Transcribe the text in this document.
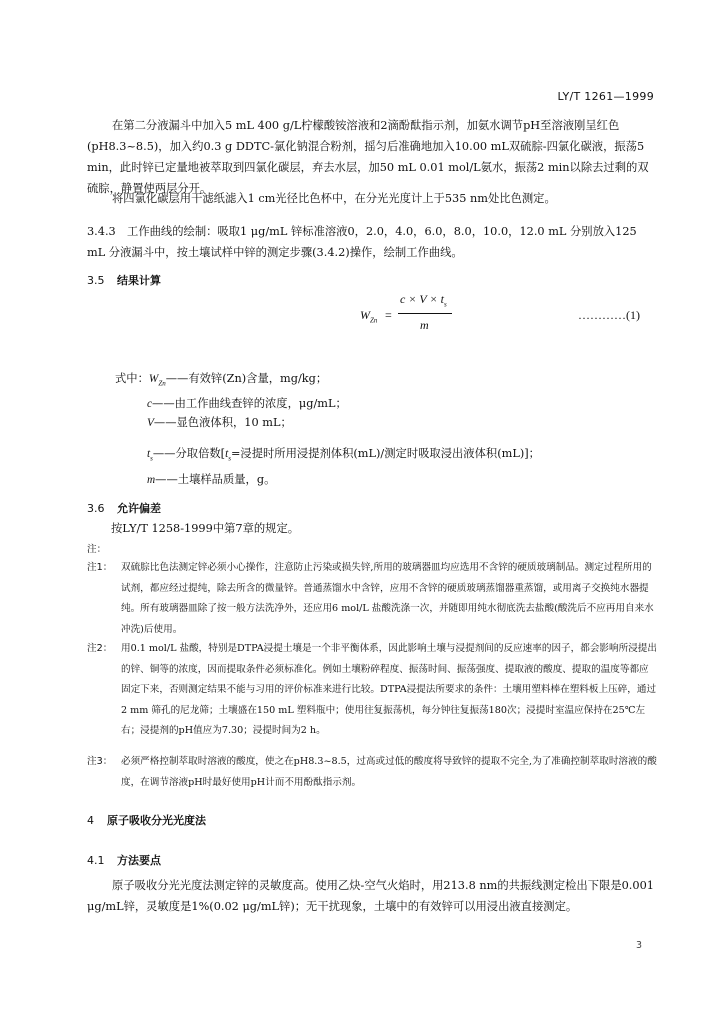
LY/T 1261—1999
在第二分液漏斗中加入5 mL 400 g/L柠檬酸铵溶液和2滴酚酞指示剂，加氨水调节pH至溶液刚呈红色(pH8.3~8.5)，加入约0.3 g DDTC-氯化钠混合粉剂，摇匀后准确地加入10.00 mL双硫腙-四氯化碳液，振荡5 min，此时锌已定量地被萃取到四氯化碳层，弃去水层，加50 mL 0.01 mol/L氨水，振荡2 min以除去过剩的双硫腙，静置使两层分开。
将四氯化碳层用干滤纸滤入1 cm光径比色杯中，在分光光度计上于535 nm处比色测定。
3.4.3　工作曲线的绘制：吸取1 μg/mL 锌标准溶液0，2.0，4.0，6.0，8.0，10.0，12.0 mL 分别放入125 mL 分液漏斗中，按土壤试样中锌的测定步骤(3.4.2)操作，绘制工作曲线。
3.5 结果计算
$W_{Zn}$ =
$c \times V \times t_s$
m
…………(1)
式中：$W_{Zn}——$有效锌(Zn)含量，mg/kg；
c——由工作曲线查锌的浓度，μg/mL；
V——显色液体积，10 mL；
$t_s——$分取倍数[$t_s=$浸提时所用浸提剂体积(mL)/测定时吸取浸出液体积(mL)]；
m——土壤样品质量，g。
3.6 允许偏差
按LY/T 1258-1999中第7章的规定。
注：
注1： 双硫腙比色法测定锌必须小心操作，注意防止污染或损失锌,所用的玻璃器皿均应选用不含锌的硬质玻璃制品。测定过程所用的试剂，都应经过提纯，除去所含的微量锌。普通蒸馏水中含锌，应用不含锌的硬质玻璃蒸馏器重蒸馏，或用离子交换纯水器提纯。所有玻璃器皿除了按一般方法洗净外，还应用6 mol/L 盐酸洗涤一次，并随即用纯水彻底洗去盐酸(酸洗后不应再用自来水冲洗)后使用。
注2： 用0.1 mol/L 盐酸，特别是DTPA浸提土壤是一个非平衡体系，因此影响土壤与浸提剂间的反应速率的因子，都会影响所浸提出的锌、铜等的浓度，因而提取条件必须标准化。例如土壤粉碎程度、振荡时间、振荡强度、提取液的酸度、提取的温度等都应固定下来，否则测定结果不能与习用的评价标准来进行比较。DTPA浸提法所要求的条件：土壤用塑料棒在塑料板上压碎，通过2 mm 筛孔的尼龙筛；土壤盛在150 mL 塑料瓶中；使用往复振荡机，每分钟往复振荡180次；浸提时室温应保持在25℃左右；浸提剂的pH值应为7.30；浸提时间为2 h。
注3： 必须严格控制萃取时溶液的酸度，使之在pH8.3~8.5，过高或过低的酸度将导致锌的提取不完全,为了准确控制萃取时溶液的酸度，在调节溶液pH时最好使用pH计而不用酚酞指示剂。
4 原子吸收分光光度法
4.1 方法要点
原子吸收分光光度法测定锌的灵敏度高。使用乙炔-空气火焰时，用213.8 nm的共振线测定检出下限是0.001 μg/mL锌，灵敏度是1%(0.02 μg/mL锌)；无干扰现象，土壤中的有效锌可以用浸出液直接测定。
3
